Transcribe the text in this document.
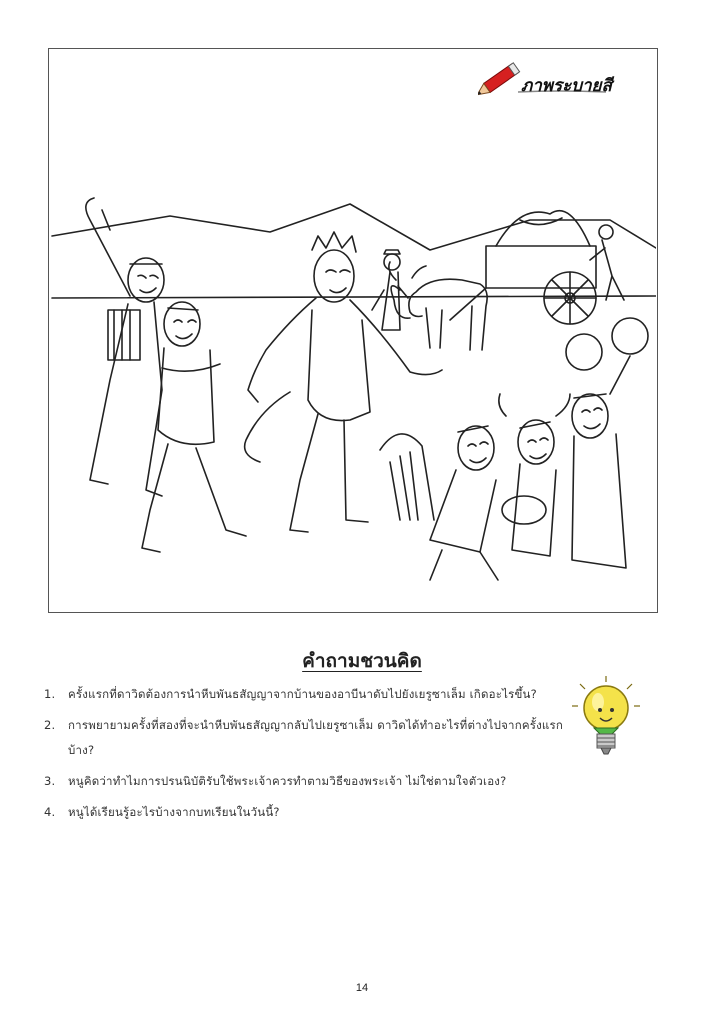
ภาพระบายสี
คำถามชวนคิด
1.	ครั้งแรกที่ดาวิดต้องการนำหีบพันธสัญญาจากบ้านของอาบีนาดับไปยังเยรูซาเล็ม เกิดอะไรขึ้น?
2.	การพยายามครั้งที่สองที่จะนำหีบพันธสัญญากลับไปเยรูซาเล็ม ดาวิดได้ทำอะไรที่ต่างไปจากครั้งแรกบ้าง?
3.	หนูคิดว่าทำไมการปรนนิบัติรับใช้พระเจ้าควรทำตามวิธีของพระเจ้า ไม่ใช่ตามใจตัวเอง?
4.	หนูได้เรียนรู้อะไรบ้างจากบทเรียนในวันนี้?
14
